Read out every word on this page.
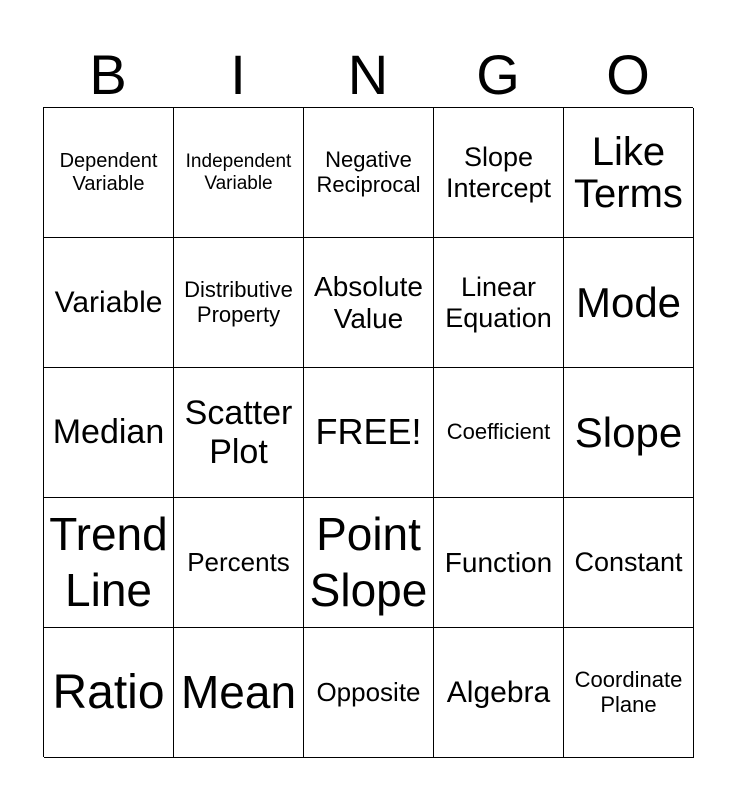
B	I	N	G	O
Dependent
Variable
Independent
Variable
Negative
Reciprocal
Slope
Intercept
Like
Terms
Variable Distributive
Property
Absolute
Value
Linear
Equation Mode
Median
Scatter
Plot	FREE!	Coefficient Slope
Trend
Line
Percents
Point
Slope
Function Constant
Ratio Mean Opposite Algebra	Coordinate
Plane
